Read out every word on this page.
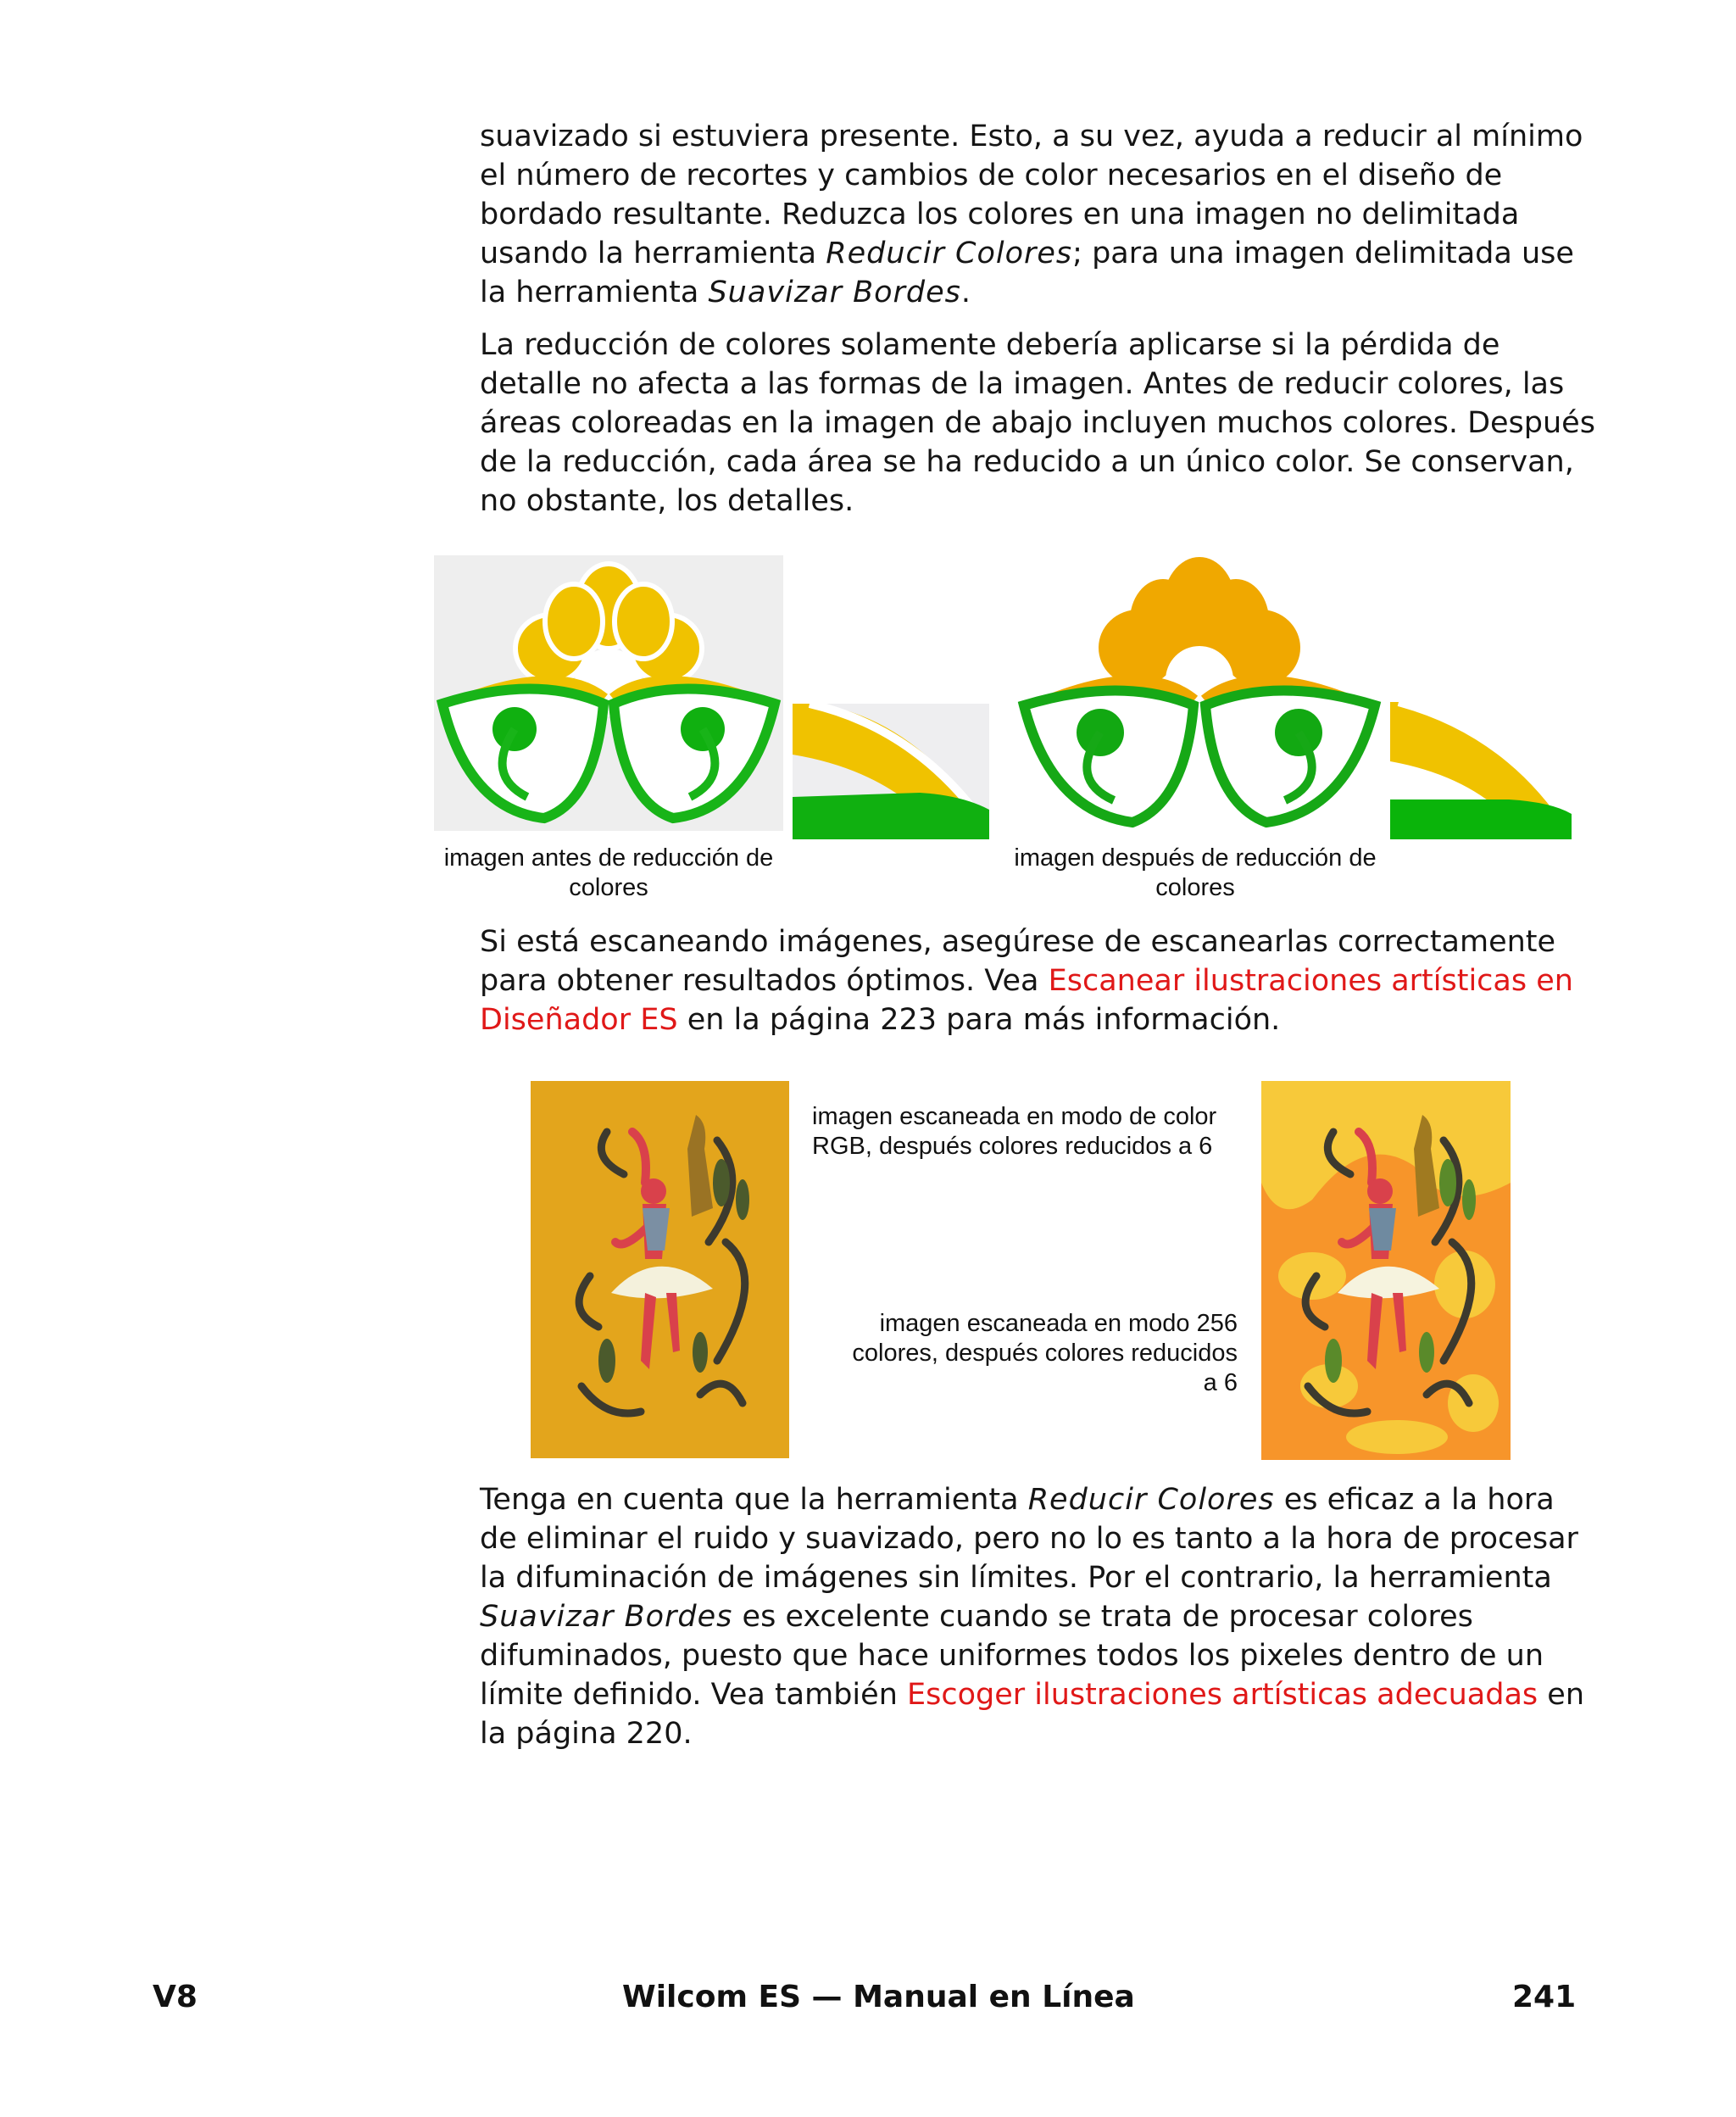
suavizado si estuviera presente. Esto, a su vez, ayuda a reducir al mínimo el número de recortes y cambios de color necesarios en el diseño de bordado resultante. Reduzca los colores en una imagen no delimitada usando la herramienta Reducir Colores; para una imagen delimitada use la herramienta Suavizar Bordes.

La reducción de colores solamente debería aplicarse si la pérdida de detalle no afecta a las formas de la imagen. Antes de reducir colores, las áreas coloreadas en la imagen de abajo incluyen muchos colores. Después de la reducción, cada área se ha reducido a un único color. Se conservan, no obstante, los detalles.

imagen antes de reducción de colores
imagen después de reducción de colores

Si está escaneando imágenes, asegúrese de escanearlas correctamente para obtener resultados óptimos. Vea Escanear ilustraciones artísticas en Diseñador ES en la página 223 para más información.

imagen escaneada en modo de color RGB, después colores reducidos a 6
imagen escaneada en modo 256 colores, después colores reducidos a 6

Tenga en cuenta que la herramienta Reducir Colores es eficaz a la hora de eliminar el ruido y suavizado, pero no lo es tanto a la hora de procesar la difuminación de imágenes sin límites. Por el contrario, la herramienta Suavizar Bordes es excelente cuando se trata de procesar colores difuminados, puesto que hace uniformes todos los pixeles dentro de un límite definido. Vea también Escoger ilustraciones artísticas adecuadas en la página 220.

V8	Wilcom ES — Manual en Línea	241
